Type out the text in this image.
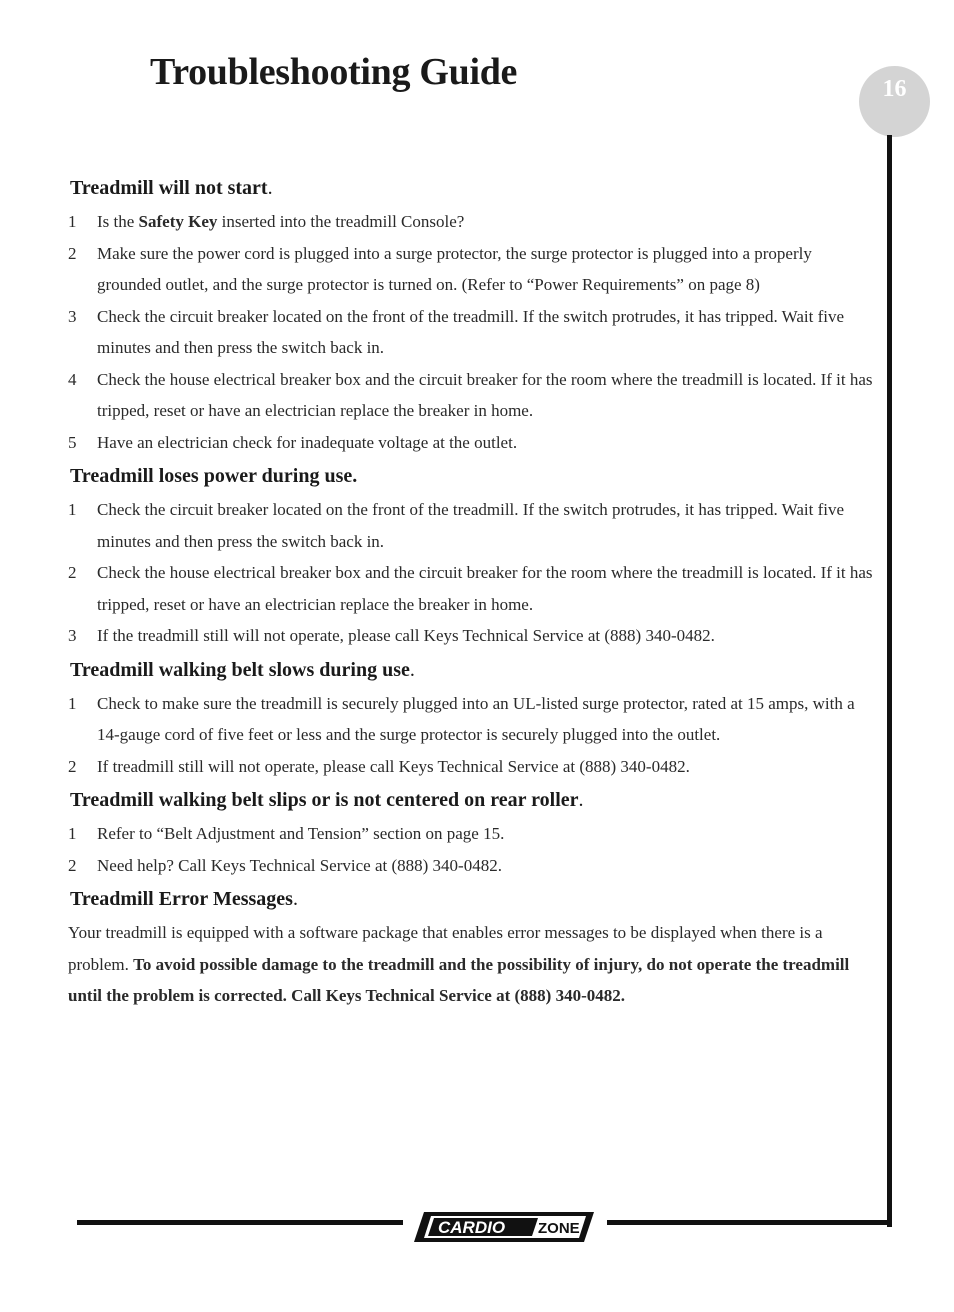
Troubleshooting Guide	16
Treadmill will not start.
1 Is the Safety Key inserted into the treadmill Console?
2 Make sure the power cord is plugged into a surge protector, the surge protector is plugged into a properly grounded outlet, and the surge protector is turned on. (Refer to “Power Requirements” on page 8)
3 Check the circuit breaker located on the front of the treadmill. If the switch protrudes, it has tripped. Wait five minutes and then press the switch back in.
4 Check the house electrical breaker box and the circuit breaker for the room where the treadmill is located. If it has tripped, reset or have an electrician replace the breaker in home.
5 Have an electrician check for inadequate voltage at the outlet.
Treadmill loses power during use.
1 Check the circuit breaker located on the front of the treadmill. If the switch protrudes, it has tripped. Wait five minutes and then press the switch back in.
2 Check the house electrical breaker box and the circuit breaker for the room where the treadmill is located. If it has tripped, reset or have an electrician replace the breaker in home.
3 If the treadmill still will not operate, please call Keys Technical Service at (888) 340-0482.
Treadmill walking belt slows during use.
1 Check to make sure the treadmill is securely plugged into an UL-listed surge protector, rated at 15 amps, with a 14-gauge cord of five feet or less and the surge protector is securely plugged into the outlet.
2 If treadmill still will not operate, please call Keys Technical Service at (888) 340-0482.
Treadmill walking belt slips or is not centered on rear roller.
1 Refer to “Belt Adjustment and Tension” section on page 15.
2 Need help? Call Keys Technical Service at (888) 340-0482.
Treadmill Error Messages.

Your treadmill is equipped with a software package that enables error messages to be displayed when there is a problem. To avoid possible damage to the treadmill and the possibility of injury, do not operate the treadmill until the problem is corrected. Call Keys Technical Service at (888) 340-0482.

CARDIO ZONE
